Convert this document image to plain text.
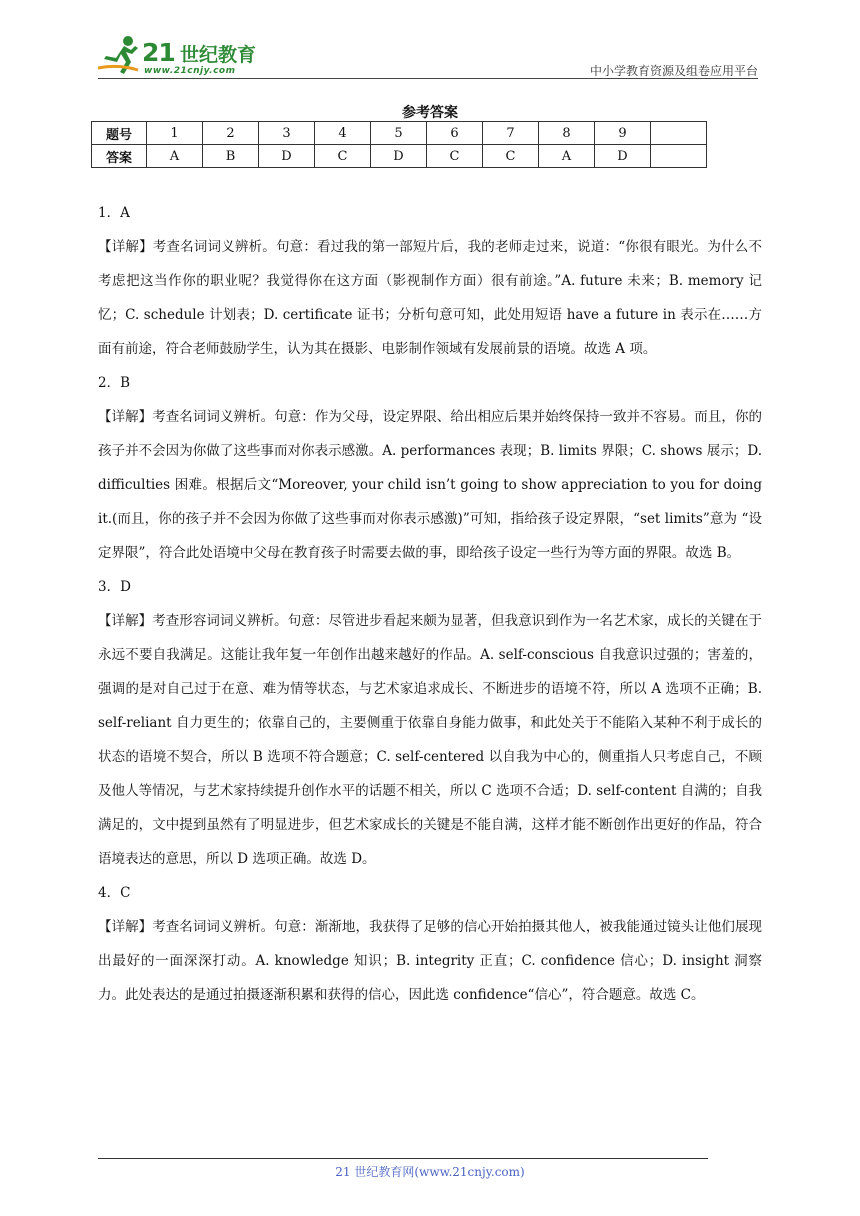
21 世纪教育
www.21cnjy.com	中小学教育资源及组卷应用平台
参考答案
题号	1	2	3	4	5	6	7	8	9	
答案	A	B	D	C	D	C	C	A	D	

1．A

【详解】考查名词词义辨析。句意：看过我的第一部短片后，我的老师走过来，说道：“你很有眼光。为什么不考虑把这当作你的职业呢？我觉得你在这方面（影视制作方面）很有前途。”A. future 未来；B. memory 记忆；C. schedule 计划表；D. certificate 证书；分析句意可知，此处用短语 have a future in 表示在……方面有前途，符合老师鼓励学生，认为其在摄影、电影制作领域有发展前景的语境。故选 A 项。

2．B

【详解】考查名词词义辨析。句意：作为父母，设定界限、给出相应后果并始终保持一致并不容易。而且，你的孩子并不会因为你做了这些事而对你表示感激。A. performances 表现；B. limits 界限；C. shows 展示；D. difficulties 困难。根据后文“Moreover, your child isn’t going to show appreciation to you for doing it.(而且，你的孩子并不会因为你做了这些事而对你表示感激)”可知，指给孩子设定界限，“set limits”意为 “设定界限”，符合此处语境中父母在教育孩子时需要去做的事，即给孩子设定一些行为等方面的界限。故选 B。

3．D

【详解】考查形容词词义辨析。句意：尽管进步看起来颇为显著，但我意识到作为一名艺术家，成长的关键在于永远不要自我满足。这能让我年复一年创作出越来越好的作品。A. self-conscious 自我意识过强的；害羞的，强调的是对自己过于在意、难为情等状态，与艺术家追求成长、不断进步的语境不符，所以 A 选项不正确；B. self-reliant 自力更生的；依靠自己的，主要侧重于依靠自身能力做事，和此处关于不能陷入某种不利于成长的状态的语境不契合，所以 B 选项不符合题意；C. self-centered 以自我为中心的，侧重指人只考虑自己，不顾及他人等情况，与艺术家持续提升创作水平的话题不相关，所以 C 选项不合适；D. self-content 自满的；自我满足的，文中提到虽然有了明显进步，但艺术家成长的关键是不能自满，这样才能不断创作出更好的作品，符合语境表达的意思，所以 D 选项正确。故选 D。

4．C

【详解】考查名词词义辨析。句意：渐渐地，我获得了足够的信心开始拍摄其他人，被我能通过镜头让他们展现出最好的一面深深打动。A. knowledge 知识；B. integrity 正直；C. confidence 信心；D. insight 洞察力。此处表达的是通过拍摄逐渐积累和获得的信心，因此选 confidence“信心”，符合题意。故选 C。

21 世纪教育网(www.21cnjy.com)
